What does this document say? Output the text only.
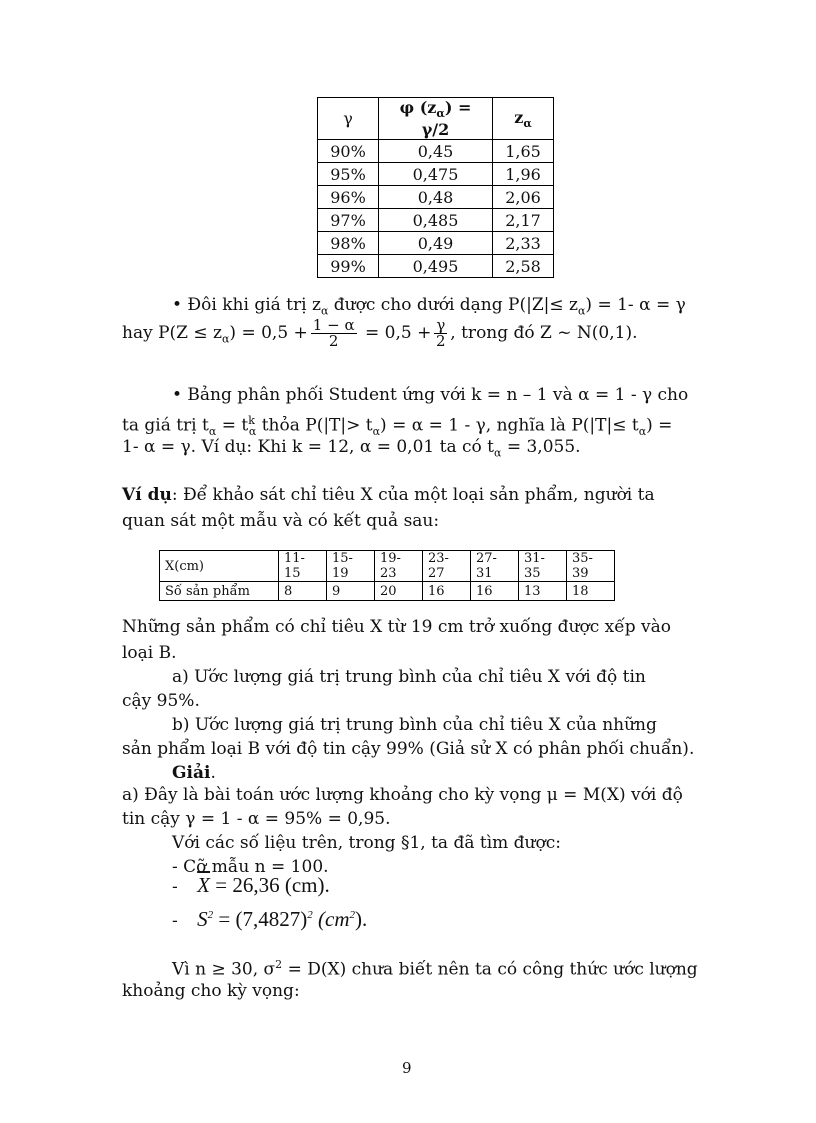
γ	φ $(z_\alpha) = \gamma/2$	$z_\alpha$
90%	0,45	1,65
95%	0,475	1,96
96%	0,48	2,06
97%	0,485	2,17
98%	0,49	2,33
99%	0,495	2,58
• Đôi khi giá trị $z_\alpha$ được cho dưới dạng $P(|Z|\le z_\alpha) = 1-$ α = γ
hay $P(Z \le z_\alpha) = 0,5 + \frac{1 - \alpha}{2} = 0,5 + \frac{\gamma}{2}$ , trong đó Z ~ N(0,1).
• Bảng phân phối Student ứng với k = n – 1 và α = 1 - γ cho
ta giá trị $t_\alpha = t^k_\alpha$ thỏa $P(|T|> t_\alpha) = \alpha = 1 - \gamma$, nghĩa là $P(|T|\le t_\alpha)$ =
1- α = γ. Ví dụ: Khi k = 12, α = 0,01 ta có $t_\alpha = 3,055$.
Ví dụ: Để khảo sát chỉ tiêu X của một loại sản phẩm, người ta
quan sát một mẫu và có kết quả sau:
X(cm)	11-15	15-19	19-23	23-27	27-31	31-35	35-39
Số sản phẩm	8	9	20	16	16	13	18
Những sản phẩm có chỉ tiêu X từ 19 cm trở xuống được xếp vào
loại B.
a) Ước lượng giá trị trung bình của chỉ tiêu X với độ tin
cậy 95%.
b) Ước lượng giá trị trung bình của chỉ tiêu X của những
sản phẩm loại B với độ tin cậy 99% (Giả sử X có phân phối chuẩn).
Giải.
a) Đây là bài toán ước lượng khoảng cho kỳ vọng μ = M(X) với độ
tin cậy γ = 1 - α = 95% = 0,95.
Với các số liệu trên, trong §1, ta đã tìm được:
- Cỡ mẫu n = 100.
- $\overline{X} = 26,36$ (cm).
- $S^2 = (7,4827)^2$ $(cm^2)$.
Vì n ≥ 30, $\sigma^2 = D(X)$ chưa biết nên ta có công thức ước lượng
khoảng cho kỳ vọng:
9
